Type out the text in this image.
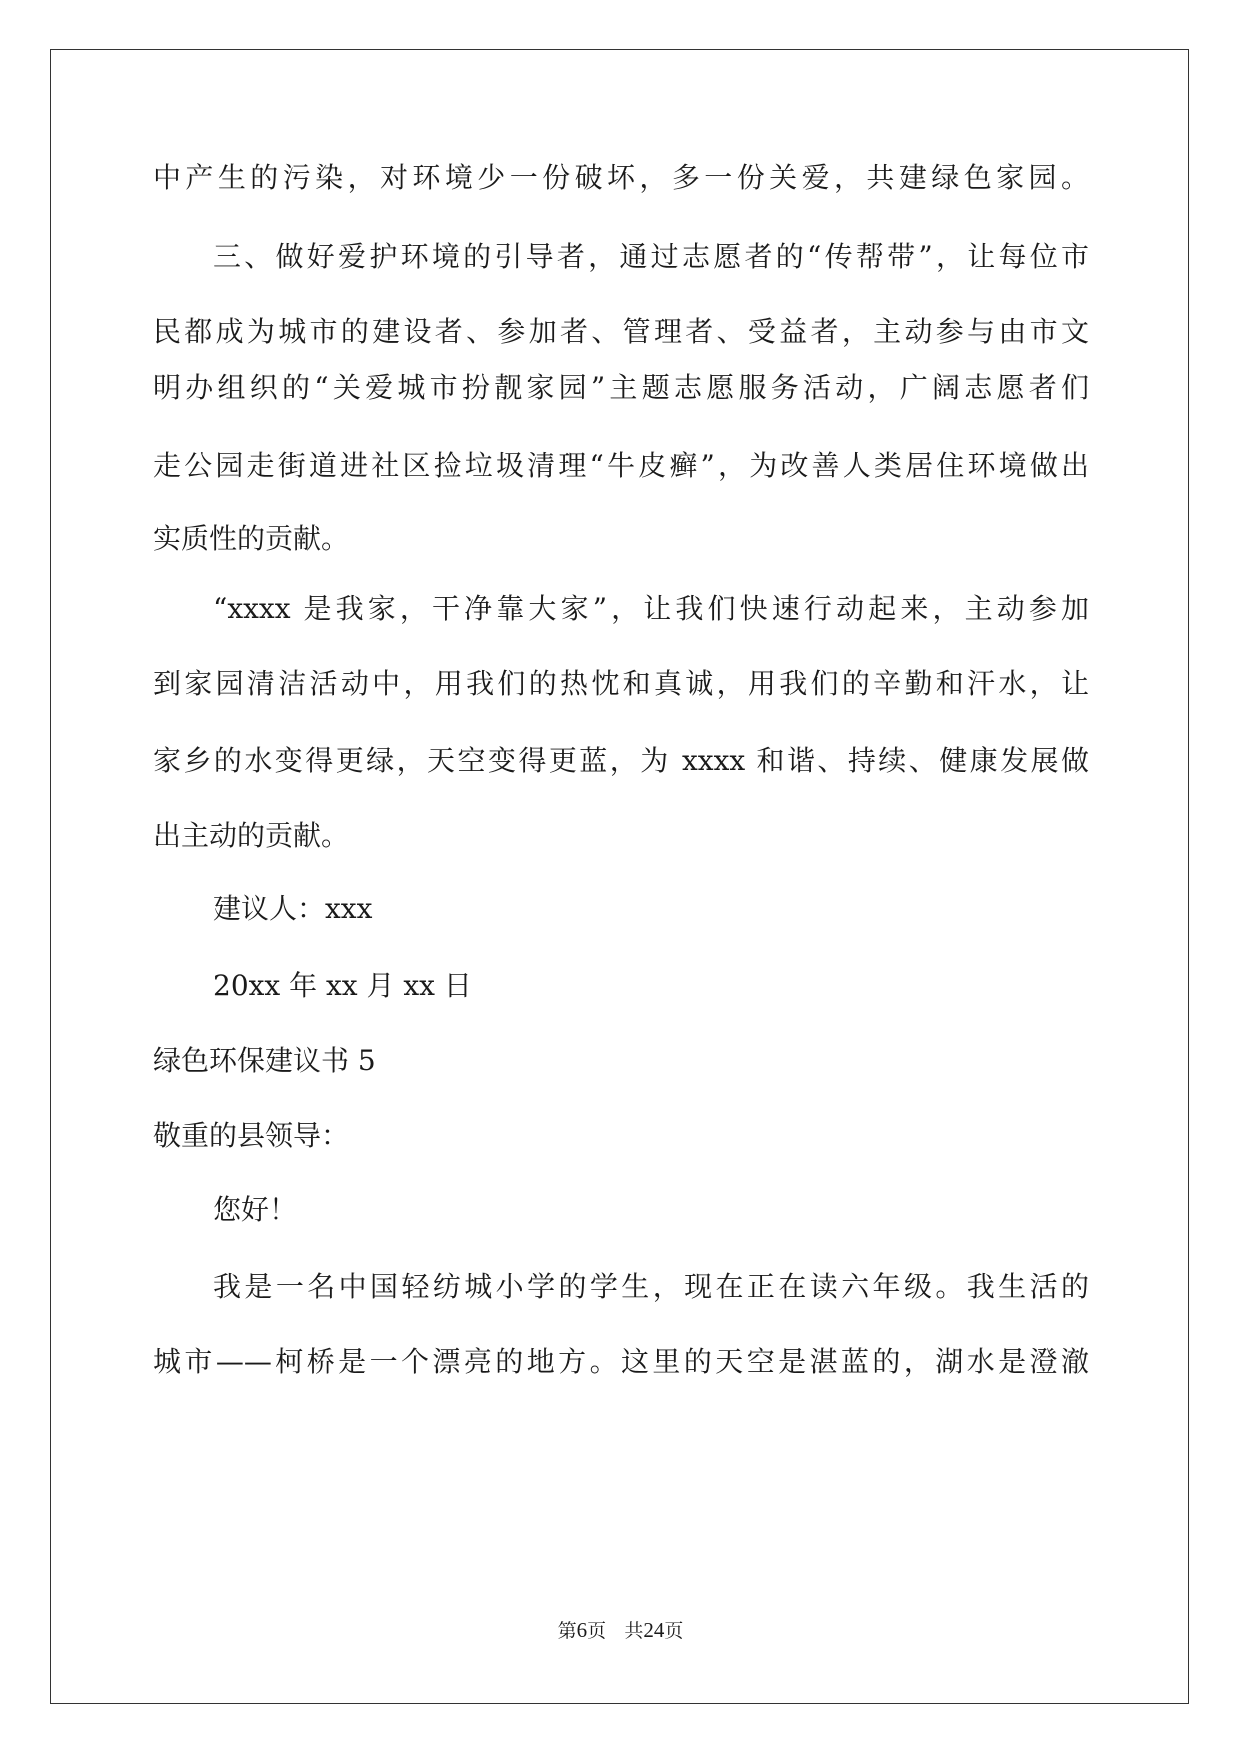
中产生的污染，对环境少一份破坏，多一份关爱，共建绿色家园。
三、做好爱护环境的引导者，通过志愿者的“传帮带”，让每位市
民都成为城市的建设者、参加者、管理者、受益者，主动参与由市文
明办组织的“关爱城市扮靓家园”主题志愿服务活动，广阔志愿者们
走公园走街道进社区捡垃圾清理“牛皮癣”，为改善人类居住环境做出
实质性的贡献。
“xxxx 是我家，干净靠大家”，让我们快速行动起来，主动参加
到家园清洁活动中，用我们的热忱和真诚，用我们的辛勤和汗水，让
家乡的水变得更绿，天空变得更蓝，为 xxxx 和谐、持续、健康发展做
出主动的贡献。
建议人：xxx
20xx 年 xx 月 xx 日
绿色环保建议书 5
敬重的县领导：
您好！
我是一名中国轻纺城小学的学生，现在正在读六年级。我生活的
城市——柯桥是一个漂亮的地方。这里的天空是湛蓝的，湖水是澄澈
第6页 共24页
